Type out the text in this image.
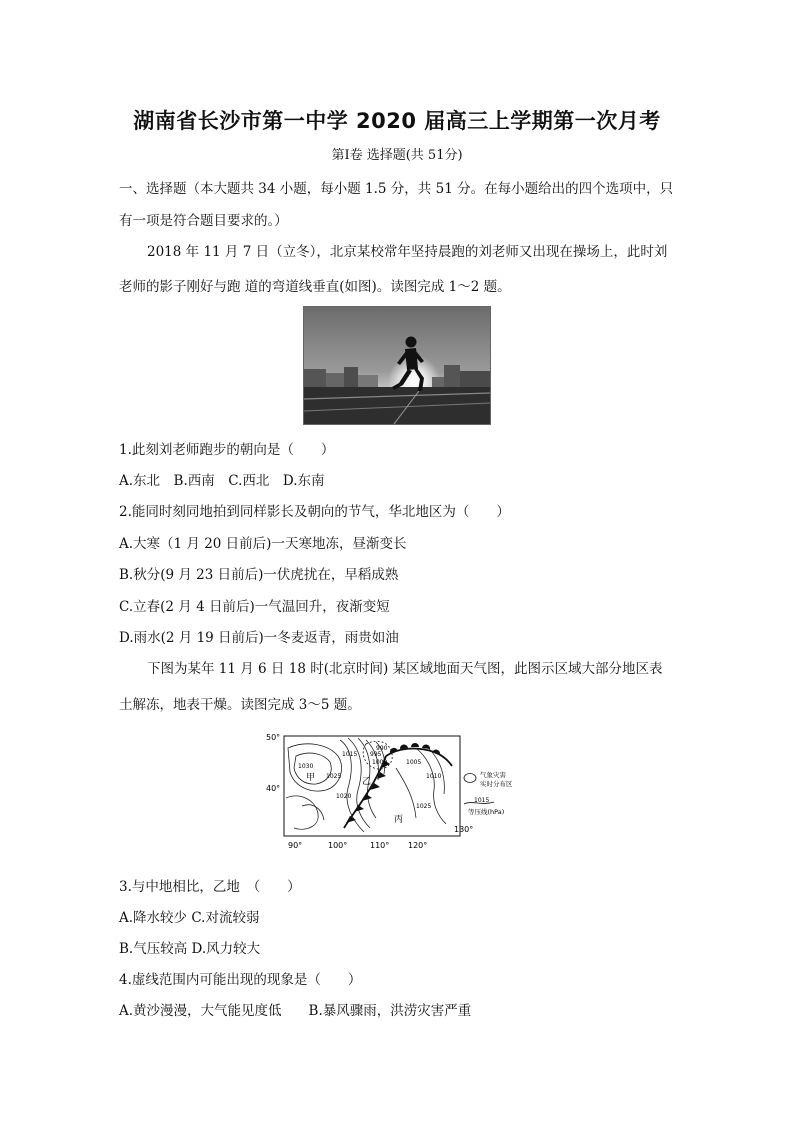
湖南省长沙市第一中学 2020 届高三上学期第一次月考
第Ⅰ卷 选择题(共 51分)
一、选择题（本大题共 34 小题，每小题 1.5 分，共 51 分。在每小题给出的四个选项中，只
有一项是符合题目要求的。）
2018 年 11 月 7 日（立冬），北京某校常年坚持晨跑的刘老师又出现在操场上，此时刘
老师的影子刚好与跑 道的弯道线垂直(如图)。读图完成 1〜2 题。
1.此刻刘老师跑步的朝向是（　　）
A.东北　B.西南　C.西北　D.东南
2.能同时刻同地拍到同样影长及朝向的节气，华北地区为（　　）
A.大寒（1 月 20 日前后)一天寒地冻，昼渐变长
B.秋分(9 月 23 日前后)一伏虎扰在，早稻成熟
C.立春(2 月 4 日前后)一气温回升，夜渐变短
D.雨水(2 月 19 日前后)一冬麦返青，雨贵如油
下图为某年 11 月 6 日 18 时(北京时间) 某区域地面天气图，此图示区域大部分地区表
土解冻，地表干燥。读图完成 3〜5 题。
50°
40°
90°	100°	110° 120°
130°
1030
1025
1020
1015
1010
1005
1000
995
990
1025
甲	乙
丙
气象灾害
实时分布区
1015
等压线(hPa)
3.与中地相比，乙地　（　　）
A.降水较少 C.对流较弱
B.气压较高 D.风力较大
4.虚线范围内可能出现的现象是（　　）
A.黄沙漫漫，大气能见度低　　B.暴风骤雨，洪涝灾害严重
